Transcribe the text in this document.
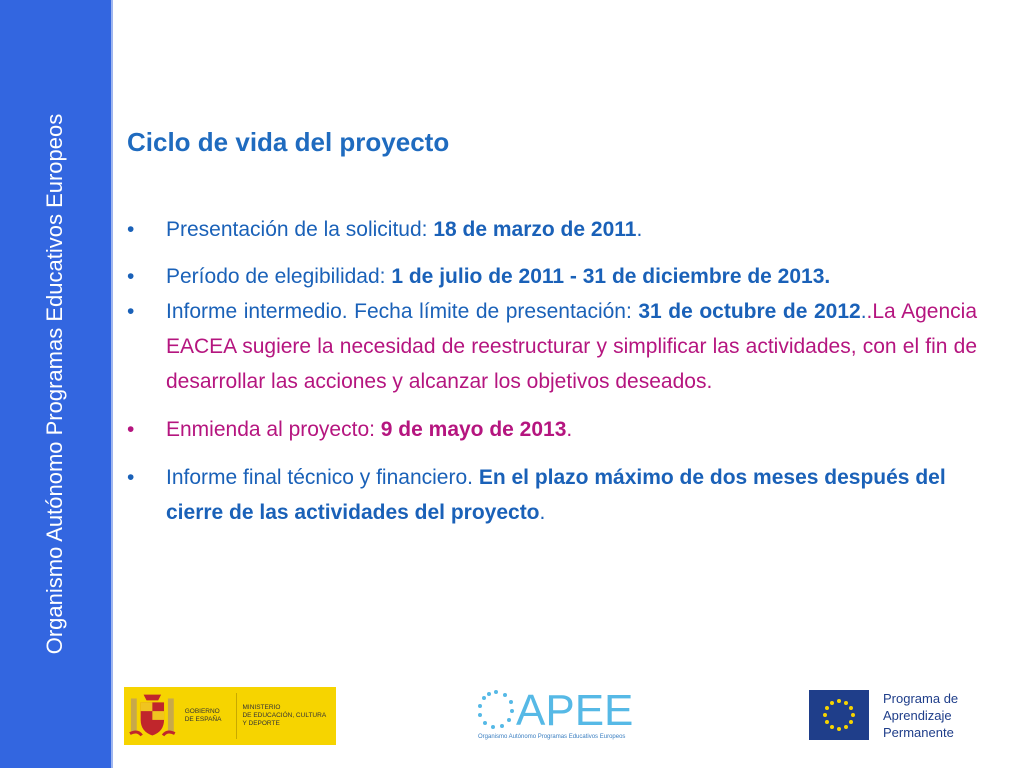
Organismo Autónomo Programas Educativos Europeos Ciclo de vida del proyecto
• Presentación de la solicitud: 18 de marzo de 2011.
• Período de elegibilidad: 1 de julio de 2011 - 31 de diciembre de 2013.
• Informe intermedio. Fecha límite de presentación: 31 de octubre de 2012..La Agencia EACEA sugiere la necesidad de reestructurar y simplificar las actividades, con el fin de desarrollar las acciones y alcanzar los objetivos deseados.
• Enmienda al proyecto: 9 de mayo de 2013.
• Informe final técnico y financiero. En el plazo máximo de dos meses después del cierre de las actividades del proyecto.
GOBIERNO
DE ESPAÑA
MINISTERIO
DE EDUCACIÓN, CULTURA
Y DEPORTE	APEE
Organismo Autónomo Programas Educativos Europeos
Programa de
Aprendizaje
Permanente
